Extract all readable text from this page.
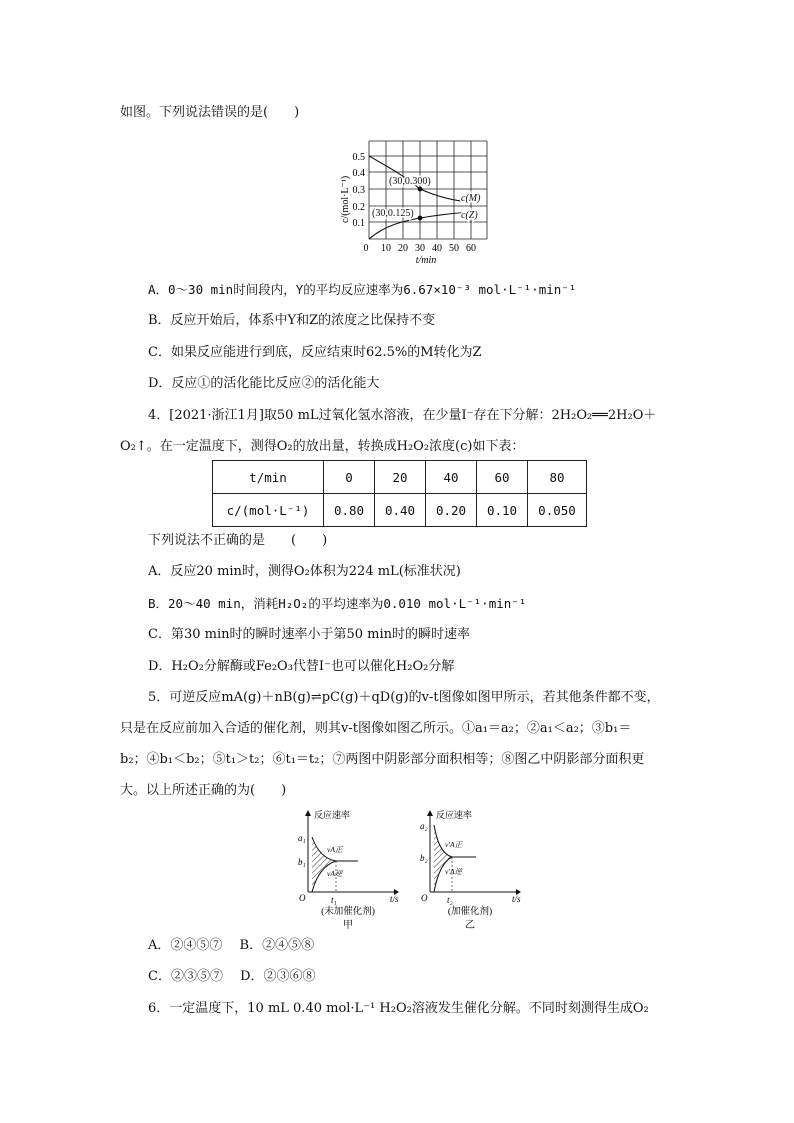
如图。下列说法错误的是(　　)
0.5
0.4
0.3
0.2
0.1
0 10 20 30 40 50 60
t/min
c/(mol·L⁻¹)	(30,0.300)
(30,0.125)
c(M)
c(Z)
A．0～30 min时间段内，Y的平均反应速率为6.67×10⁻³ mol·L⁻¹·min⁻¹
B．反应开始后，体系中Y和Z的浓度之比保持不变
C．如果反应能进行到底，反应结束时62.5%的M转化为Z
D．反应①的活化能比反应②的活化能大
4．[2021·浙江1月]取50 mL过氧化氢水溶液，在少量I⁻存在下分解：2H₂O₂══2H₂O＋
O₂↑。在一定温度下，测得O₂的放出量，转换成H₂O₂浓度(c)如下表：
t/min	0	20	40	60	80
c/(mol·L⁻¹)	0.80	0.40	0.20	0.10	0.050
下列说法不正确的是　　(　　)
A．反应20 min时，测得O₂体积为224 mL(标准状况)
B．20～40 min，消耗H₂O₂的平均速率为0.010 mol·L⁻¹·min⁻¹
C．第30 min时的瞬时速率小于第50 min时的瞬时速率
D．H₂O₂分解酶或Fe₂O₃代替I⁻也可以催化H₂O₂分解
5．可逆反应mA(g)＋nB(g)⇌pC(g)＋qD(g)的v-t图像如图甲所示，若其他条件都不变，
只是在反应前加入合适的催化剂，则其v-t图像如图乙所示。①a₁＝a₂；②a₁＜a₂；③b₁＝
b₂；④b₁＜b₂；⑤t₁＞t₂；⑥t₁＝t₂；⑦两图中阴影部分面积相等；⑧图乙中阴影部分面积更
大。以上所述正确的为(　　)
反应速率
a₁
b₁
vA正
vA逆
t₁
O	t/s
(未加催化剂)
甲
反应速率
a₂
b₂
v′A正
v′A逆
t₂
O	t/s
(加催化剂)
乙
A．②④⑤⑦　 B．②④⑤⑧
C．②③⑤⑦　 D．②③⑥⑧
6．一定温度下，10 mL 0.40 mol·L⁻¹ H₂O₂溶液发生催化分解。不同时刻测得生成O₂
